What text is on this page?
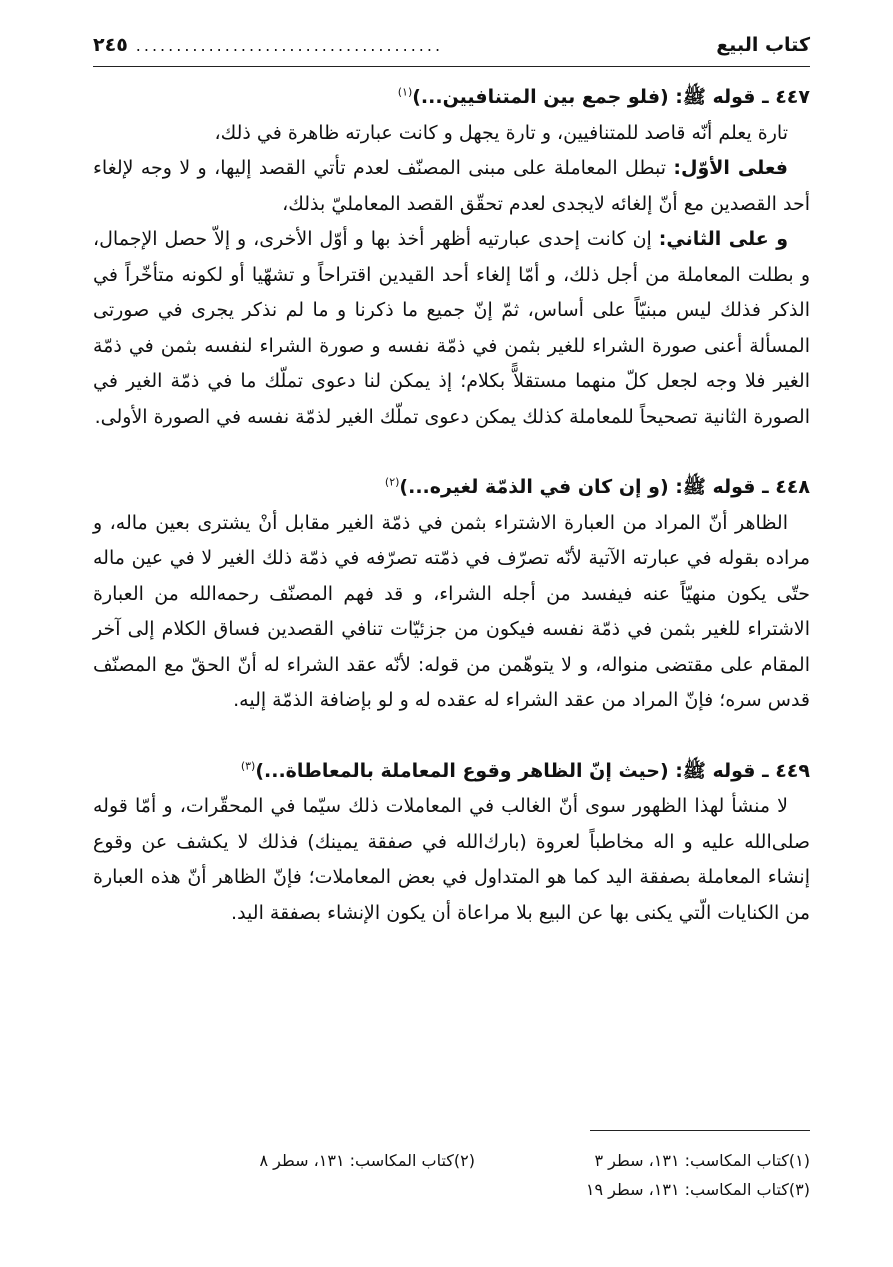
كتاب البيع
......................................
٢٤٥

٤٤٧ ـ قوله ﷺ: (فلو جمع بين المتنافيين...)$^{(١)}$

تارة يعلم أنّه قاصد للمتنافيين، و تارة يجهل و كانت عبارته ظاهرة في ذلك،

فعلى الأوّل: تبطل المعاملة على مبنى المصنّف لعدم تأتي القصد إليها، و لا وجه لإلغاء أحد القصدين مع أنّ إلغائه لايجدى لعدم تحقّق القصد المعامليّ بذلك،

و على الثاني: إن كانت إحدى عبارتيه أظهر أخذ بها و أوّل الأخرى، و إلاّ حصل الإجمال، و بطلت المعاملة من أجل ذلك، و أمّا إلغاء أحد القيدين اقتراحاً و تشهّيا أو لكونه متأخّراً في الذكر فذلك ليس مبنيّاً على أساس، ثمّ إنّ جميع ما ذكرنا و ما لم نذكر يجرى في صورتى المسألة أعنى صورة الشراء للغير بثمن في ذمّة نفسه و صورة الشراء لنفسه بثمن في ذمّة الغير فلا وجه لجعل كلّ منهما مستقلاًّ بكلام؛ إذ يمكن لنا دعوى تملّك ما في ذمّة الغير في الصورة الثانية تصحيحاً للمعاملة كذلك يمكن دعوى تملّك الغير لذمّة نفسه في الصورة الأولى.

٤٤٨ ـ قوله ﷺ: (و إن كان في الذمّة لغيره...)$^{(٢)}$

الظاهر أنّ المراد من العبارة الاشتراء بثمن في ذمّة الغير مقابل أنْ يشترى بعين ماله، و مراده بقوله في عبارته الآتية لأنّه تصرّف في ذمّته تصرّفه في ذمّة ذلك الغير لا في عين ماله حتّى يكون منهيّاً عنه فيفسد من أجله الشراء، و قد فهم المصنّف رحمه‌الله من العبارة الاشتراء للغير بثمن في ذمّة نفسه فيكون من جزئيّات تنافي القصدين فساق الكلام إلى آخر المقام على مقتضى منواله، و لا يتوهّمن من قوله: لأنّه عقد الشراء له أنّ الحقّ مع المصنّف قدس سره؛ فإنّ المراد من عقد الشراء له عقده له و لو بإضافة الذمّة إليه.

٤٤٩ ـ قوله ﷺ: (حيث إنّ الظاهر وقوع المعاملة بالمعاطاة...)$^{(٣)}$

لا منشأ لهذا الظهور سوى أنّ الغالب في المعاملات ذلك سيّما في المحقّرات، و أمّا قوله صلى‌الله عليه و اله مخاطباً لعروة (بارك‌الله في صفقة يمينك) فذلك لا يكشف عن وقوع إنشاء المعاملة بصفقة اليد كما هو المتداول في بعض المعاملات؛ فإنّ الظاهر أنّ هذه العبارة من الكنايات الّتي يكنى بها عن البيع بلا مراعاة أن يكون الإنشاء بصفقة اليد.

(١)كتاب المكاسب: ١٣١، سطر ٣
(٢)كتاب المكاسب: ١٣١، سطر ٨
(٣)كتاب المكاسب: ١٣١، سطر ١٩
